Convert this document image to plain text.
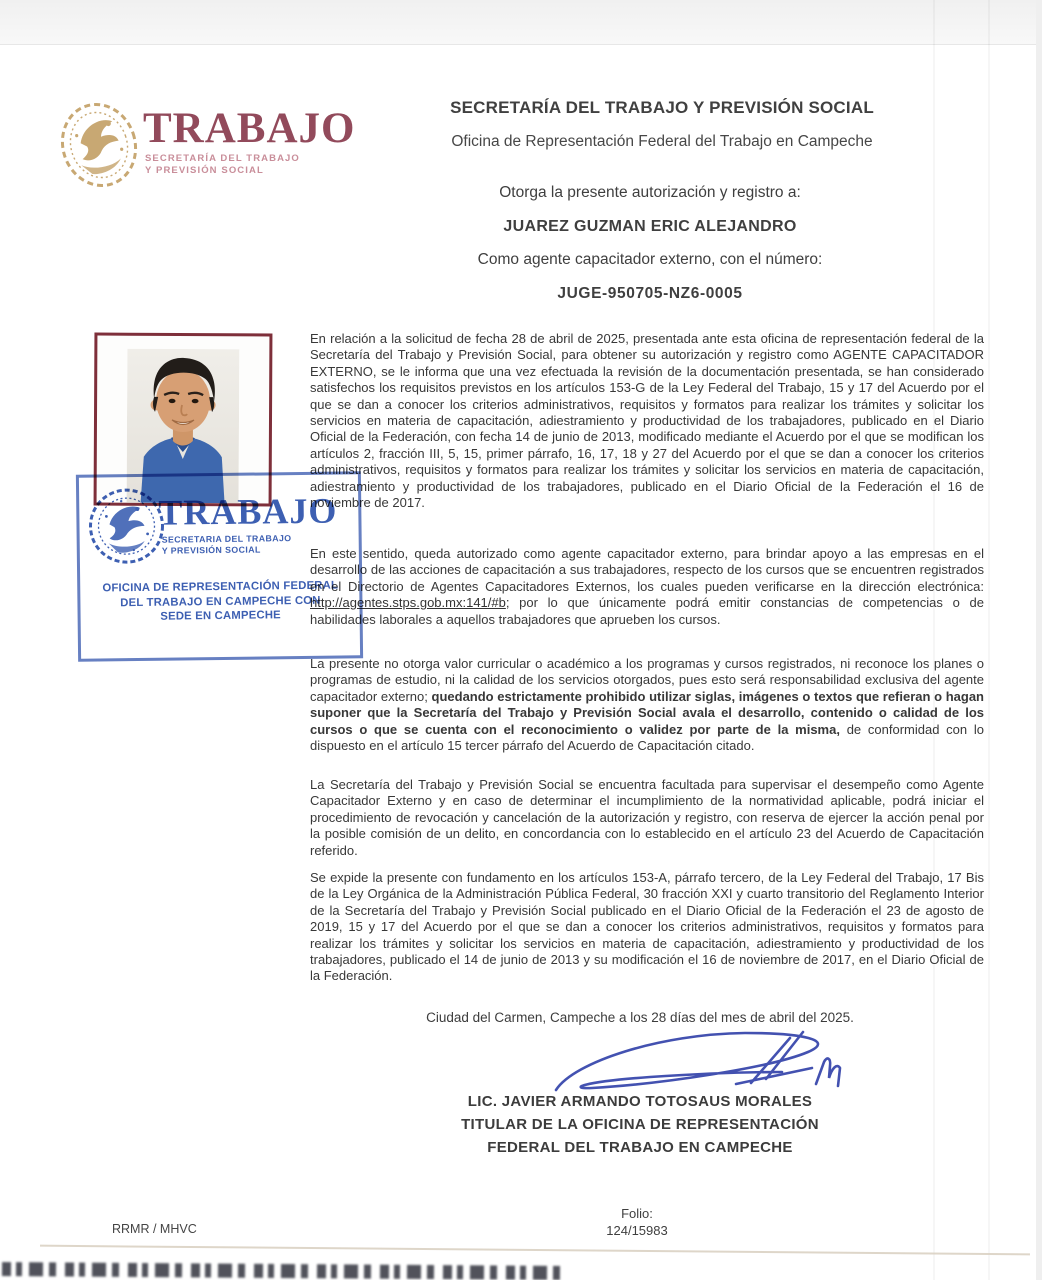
TRABAJO
SECRETARÍA DEL TRABAJO
Y PREVISIÓN SOCIAL
SECRETARÍA DEL TRABAJO Y PREVISIÓN SOCIAL
Oficina de Representación Federal del Trabajo en Campeche
Otorga la presente autorización y registro a:
JUAREZ GUZMAN ERIC ALEJANDRO
Como agente capacitador externo, con el número:
JUGE-950705-NZ6-0005

En relación a la solicitud de fecha 28 de abril de 2025, presentada ante esta oficina de representación federal de la Secretaría del Trabajo y Previsión Social, para obtener su autorización y registro como AGENTE CAPACITADOR EXTERNO, se le informa que una vez efectuada la revisión de la documentación presentada, se han considerado satisfechos los requisitos previstos en los artículos 153-G de la Ley Federal del Trabajo, 15 y 17 del Acuerdo por el que se dan a conocer los criterios administrativos, requisitos y formatos para realizar los trámites y solicitar los servicios en materia de capacitación, adiestramiento y productividad de los trabajadores, publicado en el Diario Oficial de la Federación, con fecha 14 de junio de 2013, modificado mediante el Acuerdo por el que se modifican los artículos 2, fracción III, 5, 15, primer párrafo, 16, 17, 18 y 27 del Acuerdo por el que se dan a conocer los criterios administrativos, requisitos y formatos para realizar los trámites y solicitar los servicios en materia de capacitación, adiestramiento y productividad de los trabajadores, publicado en el Diario Oficial de la Federación el 16 de noviembre de 2017.

En este sentido, queda autorizado como agente capacitador externo, para brindar apoyo a las empresas en el desarrollo de las acciones de capacitación a sus trabajadores, respecto de los cursos que se encuentren registrados en el Directorio de Agentes Capacitadores Externos, los cuales pueden verificarse en la dirección electrónica: http://agentes.stps.gob.mx:141/#b; por lo que únicamente podrá emitir constancias de competencias o de habilidades laborales a aquellos trabajadores que aprueben los cursos.

La presente no otorga valor curricular o académico a los programas y cursos registrados, ni reconoce los planes o programas de estudio, ni la calidad de los servicios otorgados, pues esto será responsabilidad exclusiva del agente capacitador externo; quedando estrictamente prohibido utilizar siglas, imágenes o textos que refieran o hagan suponer que la Secretaría del Trabajo y Previsión Social avala el desarrollo, contenido o calidad de los cursos o que se cuenta con el reconocimiento o validez por parte de la misma, de conformidad con lo dispuesto en el artículo 15 tercer párrafo del Acuerdo de Capacitación citado.

La Secretaría del Trabajo y Previsión Social se encuentra facultada para supervisar el desempeño como Agente Capacitador Externo y en caso de determinar el incumplimiento de la normatividad aplicable, podrá iniciar el procedimiento de revocación y cancelación de la autorización y registro, con reserva de ejercer la acción penal por la posible comisión de un delito, en concordancia con lo establecido en el artículo 23 del Acuerdo de Capacitación referido.

Se expide la presente con fundamento en los artículos 153-A, párrafo tercero, de la Ley Federal del Trabajo, 17 Bis de la Ley Orgánica de la Administración Pública Federal, 30 fracción XXI y cuarto transitorio del Reglamento Interior de la Secretaría del Trabajo y Previsión Social publicado en el Diario Oficial de la Federación el 23 de agosto de 2019, 15 y 17 del Acuerdo por el que se dan a conocer los criterios administrativos, requisitos y formatos para realizar los trámites y solicitar los servicios en materia de capacitación, adiestramiento y productividad de los trabajadores, publicado el 14 de junio de 2013 y su modificación el 16 de noviembre de 2017, en el Diario Oficial de la Federación.

TRABAJO
SECRETARIA DEL TRABAJO
Y PREVISIÓN SOCIAL
OFICINA DE REPRESENTACIÓN FEDERAL
DEL TRABAJO EN CAMPECHE CON
SEDE EN CAMPECHE
Ciudad del Carmen, Campeche a los 28 días del mes de abril del 2025.
LIC. JAVIER ARMANDO TOTOSAUS MORALES
TITULAR DE LA OFICINA DE REPRESENTACIÓN
FEDERAL DEL TRABAJO EN CAMPECHE
RRMR / MHVC
Folio:
124/15983
